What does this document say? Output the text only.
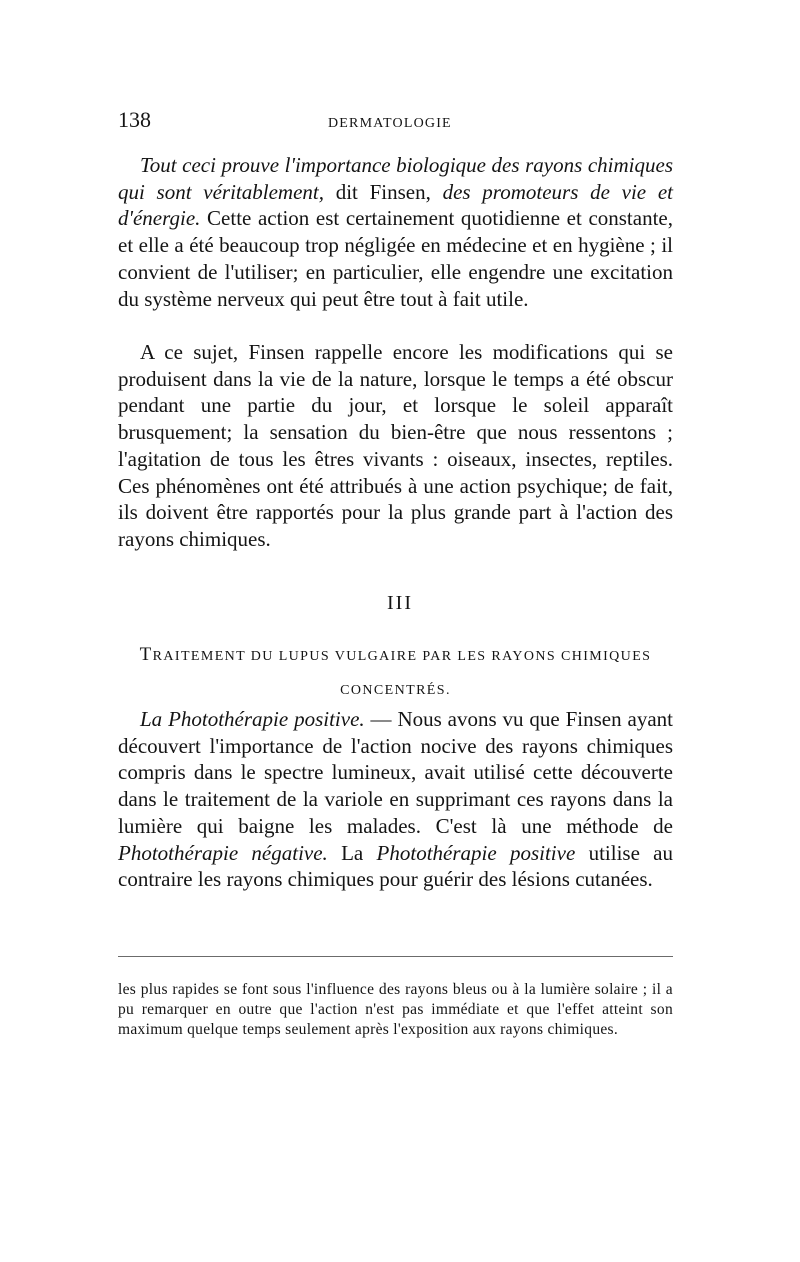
138	DERMATOLOGIE

Tout ceci prouve l'importance biologique des rayons chimiques qui sont véritablement, dit Finsen, des promoteurs de vie et d'énergie. Cette action est certainement quotidienne et constante, et elle a été beaucoup trop négligée en médecine et en hygiène ; il convient de l'utiliser; en particulier, elle engendre une excitation du système nerveux qui peut être tout à fait utile.

A ce sujet, Finsen rappelle encore les modifications qui se produisent dans la vie de la nature, lorsque le temps a été obscur pendant une partie du jour, et lorsque le soleil apparaît brusquement; la sensation du bien-être que nous ressentons ; l'agitation de tous les êtres vivants : oiseaux, insectes, reptiles. Ces phénomènes ont été attribués à une action psychique; de fait, ils doivent être rapportés pour la plus grande part à l'action des rayons chimiques.

III
TRAITEMENT DU LUPUS VULGAIRE PAR LES RAYONS CHIMIQUES CONCENTRÉS.

La Photothérapie positive. — Nous avons vu que Finsen ayant découvert l'importance de l'action nocive des rayons chimiques compris dans le spectre lumineux, avait utilisé cette découverte dans le traitement de la variole en supprimant ces rayons dans la lumière qui baigne les malades. C'est là une méthode de Photothérapie négative. La Photothérapie positive utilise au contraire les rayons chimiques pour guérir des lésions cutanées.

les plus rapides se font sous l'influence des rayons bleus ou à la lumière solaire ; il a pu remarquer en outre que l'action n'est pas immédiate et que l'effet atteint son maximum quelque temps seulement après l'exposition aux rayons chimiques.
